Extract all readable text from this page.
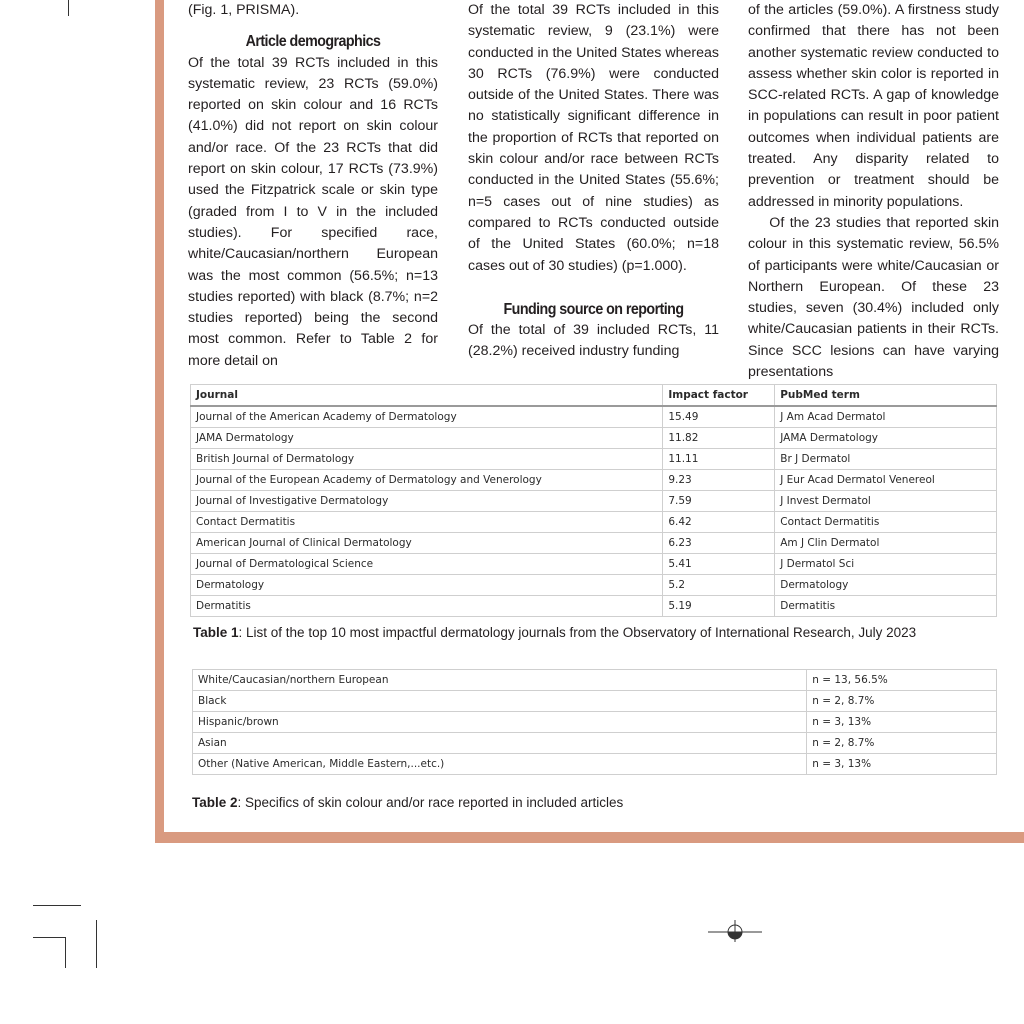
(Fig. 1, PRISMA).

Article demographics

Of the total 39 RCTs included in this systematic review, 23 RCTs (59.0%) reported on skin colour and 16 RCTs (41.0%) did not report on skin colour and/or race. Of the 23 RCTs that did report on skin colour, 17 RCTs (73.9%) used the Fitzpatrick scale or skin type (graded from I to V in the included studies). For specified race, white/Caucasian/northern European was the most common (56.5%; n=13 studies reported) with black (8.7%; n=2 studies reported) being the second most common. Refer to Table 2 for more detail on

Of the total 39 RCTs included in this systematic review, 9 (23.1%) were conducted in the United States whereas 30 RCTs (76.9%) were conducted outside of the United States. There was no statistically significant difference in the proportion of RCTs that reported on skin colour and/or race between RCTs conducted in the United States (55.6%; n=5 cases out of nine studies) as compared to RCTs conducted outside of the United States (60.0%; n=18 cases out of 30 studies) (p=1.000).

Funding source on reporting

Of the total of 39 included RCTs, 11 (28.2%) received industry funding

of the articles (59.0%). A firstness study confirmed that there has not been another systematic review conducted to assess whether skin color is reported in SCC-related RCTs. A gap of knowledge in populations can result in poor patient outcomes when individual patients are treated. Any disparity related to prevention or treatment should be addressed in minority populations.

Of the 23 studies that reported skin colour in this systematic review, 56.5% of participants were white/Caucasian or Northern European. Of these 23 studies, seven (30.4%) included only white/Caucasian patients in their RCTs. Since SCC lesions can have varying presentations

Journal	Impact factor	PubMed term
Journal of the American Academy of Dermatology	15.49	J Am Acad Dermatol
JAMA Dermatology	11.82	JAMA Dermatology
British Journal of Dermatology	11.11	Br J Dermatol
Journal of the European Academy of Dermatology and Venerology	9.23	J Eur Acad Dermatol Venereol
Journal of Investigative Dermatology	7.59	J Invest Dermatol
Contact Dermatitis	6.42	Contact Dermatitis
American Journal of Clinical Dermatology	6.23	Am J Clin Dermatol
Journal of Dermatological Science	5.41	J Dermatol Sci
Dermatology	5.2	Dermatology
Dermatitis	5.19	Dermatitis
Table 1: List of the top 10 most impactful dermatology journals from the Observatory of International Research, July 2023
White/Caucasian/northern European	n = 13, 56.5%
Black	n = 2, 8.7%
Hispanic/brown	n = 3, 13%
Asian	n = 2, 8.7%
Other (Native American, Middle Eastern,...etc.)	n = 3, 13%
Table 2: Specifics of skin colour and/or race reported in included articles
